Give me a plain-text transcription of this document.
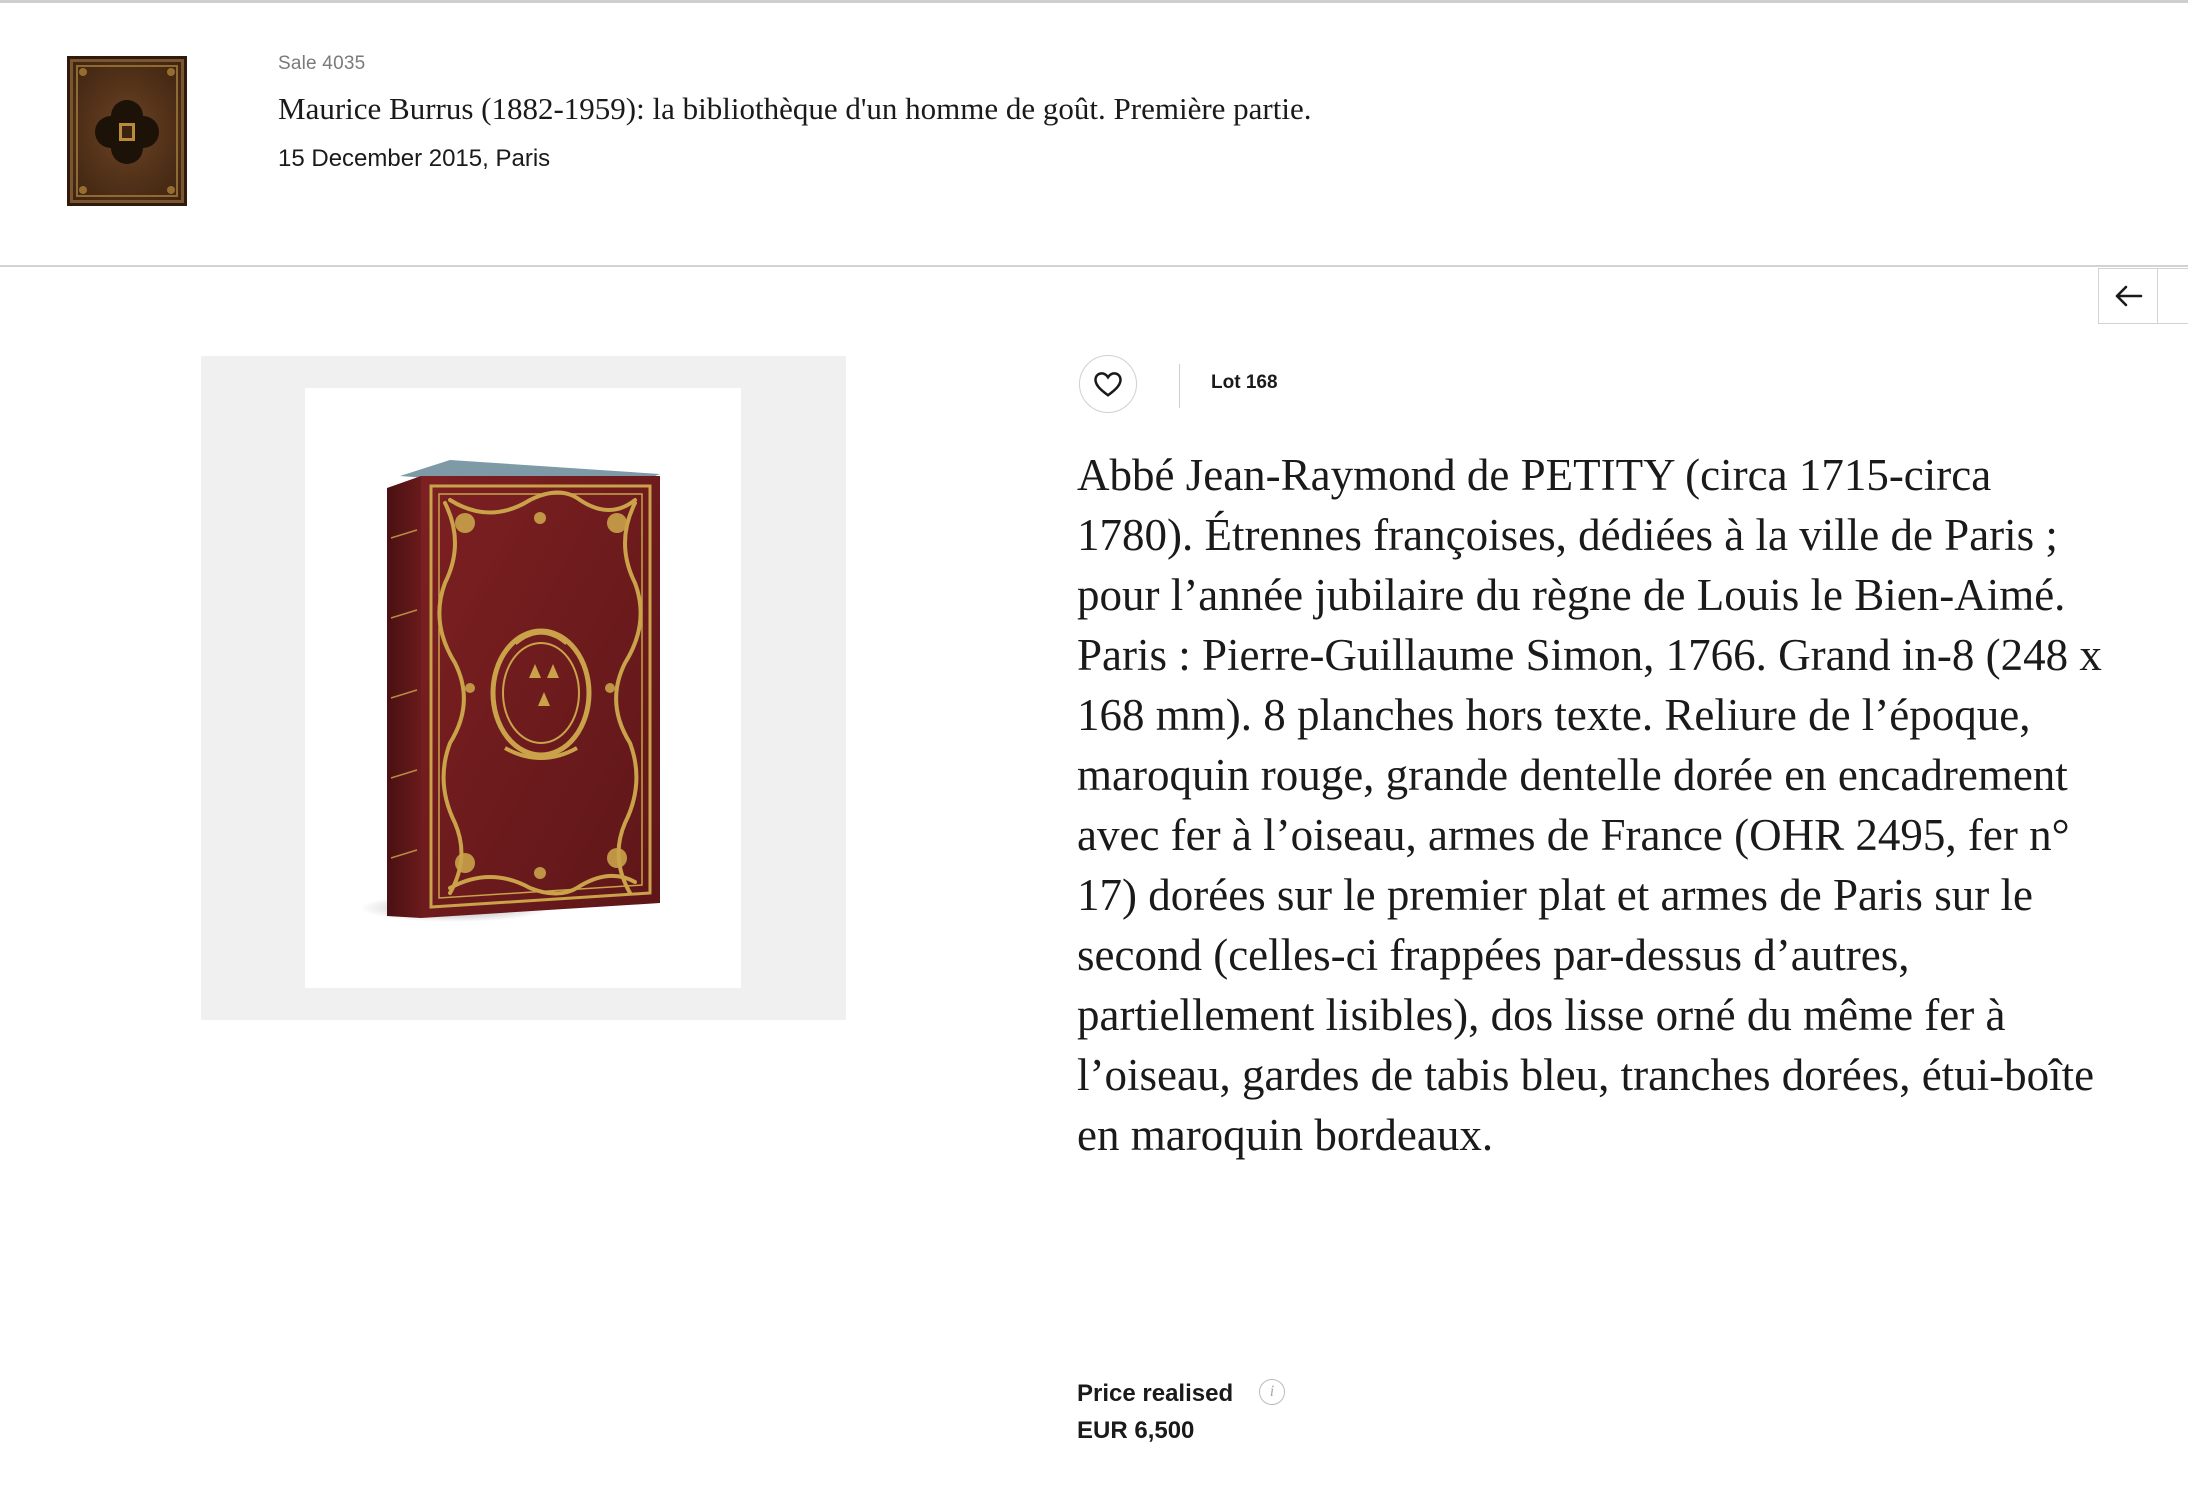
Sale 4035
Maurice Burrus (1882-1959): la bibliothèque d'un homme de goût. Première partie.
15 December 2015, Paris
Lot 168

Abbé Jean-Raymond de PETITY (circa 1715-circa 1780). Étrennes françoises, dédiées à la ville de Paris ; pour l’année jubilaire du règne de Louis le Bien-Aimé. Paris : Pierre-Guillaume Simon, 1766. Grand in-8 (248 x 168 mm). 8 planches hors texte. Reliure de l’époque, maroquin rouge, grande dentelle dorée en encadrement avec fer à l’oiseau, armes de France (OHR 2495, fer n° 17) dorées sur le premier plat et armes de Paris sur le second (celles-ci frappées par-dessus d’autres, partiellement lisibles), dos lisse orné du même fer à l’oiseau, gardes de tabis bleu, tranches dorées, étui-boîte en maroquin bordeaux.

Price realised	i
EUR 6,500
